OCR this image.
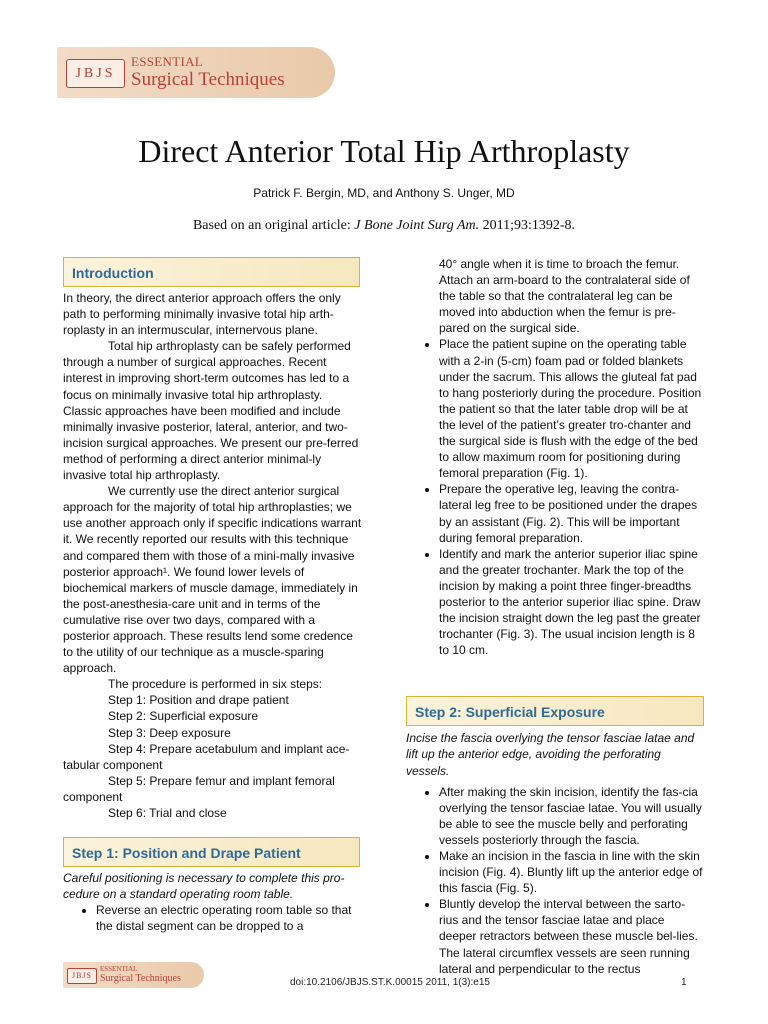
JBJS
ESSENTIAL
Surgical Techniques
Direct Anterior Total Hip Arthroplasty
Patrick F. Bergin, MD, and Anthony S. Unger, MD
Based on an original article: J Bone Joint Surg Am. 2011;93:1392-8.
Introduction

In theory, the direct anterior approach offers the only path to performing minimally invasive total hip arth-roplasty in an intermuscular, internervous plane.

Total hip arthroplasty can be safely performed through a number of surgical approaches. Recent interest in improving short-term outcomes has led to a focus on minimally invasive total hip arthroplasty. Classic approaches have been modified and include minimally invasive posterior, lateral, anterior, and two-incision surgical approaches. We present our pre-ferred method of performing a direct anterior minimal-ly invasive total hip arthroplasty.

We currently use the direct anterior surgical approach for the majority of total hip arthroplasties; we use another approach only if specific indications warrant it. We recently reported our results with this technique and compared them with those of a mini-mally invasive posterior approach¹. We found lower levels of biochemical markers of muscle damage, immediately in the post-anesthesia-care unit and in terms of the cumulative rise over two days, compared with a posterior approach. These results lend some credence to the utility of our technique as a muscle-sparing approach.

The procedure is performed in six steps:

Step 1: Position and drape patient

Step 2: Superficial exposure

Step 3: Deep exposure

Step 4: Prepare acetabulum and implant ace-tabular component

Step 5: Prepare femur and implant femoral component

Step 6: Trial and close

Step 1: Position and Drape Patient

Careful positioning is necessary to complete this pro-cedure on a standard operating room table.

• Reverse an electric operating room table so that the distal segment can be dropped to a

40° angle when it is time to broach the femur. Attach an arm-board to the contralateral side of the table so that the contralateral leg can be moved into abduction when the femur is pre-pared on the surgical side.

• Place the patient supine on the operating table with a 2-in (5-cm) foam pad or folded blankets under the sacrum. This allows the gluteal fat pad to hang posteriorly during the procedure. Position the patient so that the later table drop will be at the level of the patient’s greater tro-chanter and the surgical side is flush with the edge of the bed to allow maximum room for positioning during femoral preparation (Fig. 1).
• Prepare the operative leg, leaving the contra-lateral leg free to be positioned under the drapes by an assistant (Fig. 2). This will be important during femoral preparation.
• Identify and mark the anterior superior iliac spine and the greater trochanter. Mark the top of the incision by making a point three finger-breadths posterior to the anterior superior iliac spine. Draw the incision straight down the leg past the greater trochanter (Fig. 3). The usual incision length is 8 to 10 cm.
Step 2: Superficial Exposure

Incise the fascia overlying the tensor fasciae latae and lift up the anterior edge, avoiding the perforating vessels.

• After making the skin incision, identify the fas-cia overlying the tensor fasciae latae. You will usually be able to see the muscle belly and perforating vessels posteriorly through the fascia.
• Make an incision in the fascia in line with the skin incision (Fig. 4). Bluntly lift up the anterior edge of this fascia (Fig. 5).
• Bluntly develop the interval between the sarto-rius and the tensor fasciae latae and place deeper retractors between these muscle bel-lies. The lateral circumflex vessels are seen running lateral and perpendicular to the rectus
JBJS
ESSENTIAL
Surgical Techniques	doi:10.2106/JBJS.ST.K.00015 2011, 1(3):e15	1
